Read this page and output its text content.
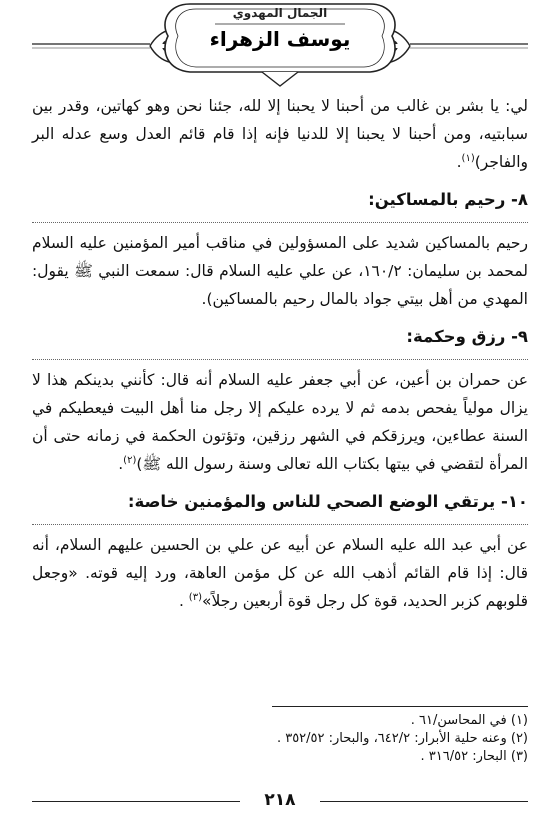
الجمال المهدوي
يوسف الزهراء

لي: يا بشر بن غالب من أحبنا لا يحبنا إلا لله، جئنا نحن وهو كهاتين، وقدر بين سبابتيه، ومن أحبنا لا يحبنا إلا للدنيا فإنه إذا قام قائم العدل وسع عدله البر والفاجر)$^{(١)}$.

٨- رحيم بالمساكين:

رحيم بالمساكين شديد على المسؤولين في مناقب أمير المؤمنين عليه السلام لمحمد بن سليمان: ١٦٠/٢، عن علي عليه السلام قال: سمعت النبي ﷺ يقول: المهدي من أهل بيتي جواد بالمال رحيم بالمساكين).

٩- رزق وحكمة:

عن حمران بن أعين، عن أبي جعفر عليه السلام أنه قال: كأنني بدينكم هذا لا يزال مولياً يفحص بدمه ثم لا يرده عليكم إلا رجل منا أهل البيت فيعطيكم في السنة عطاءين، ويرزقكم في الشهر رزقين، وتؤتون الحكمة في زمانه حتى أن المرأة لتقضي في بيتها بكتاب الله تعالى وسنة رسول الله ﷺ)$^{(٢)}$.

١٠- يرتقي الوضع الصحي للناس والمؤمنين خاصة:

عن أبي عبد الله عليه السلام عن أبيه عن علي بن الحسين عليهم السلام، أنه قال: إذا قام القائم أذهب الله عن كل مؤمن العاهة، ورد إليه قوته. «وجعل قلوبهم كزبر الحديد، قوة كل رجل قوة أربعين رجلاً»$^{(٣)}$ .

(١) في المحاسن/٦١ .
(٢) وعنه حلية الأبرار: ٦٤٢/٢، والبحار: ٣٥٢/٥٢ .
(٣) البحار: ٣١٦/٥٢ .
٢١٨
